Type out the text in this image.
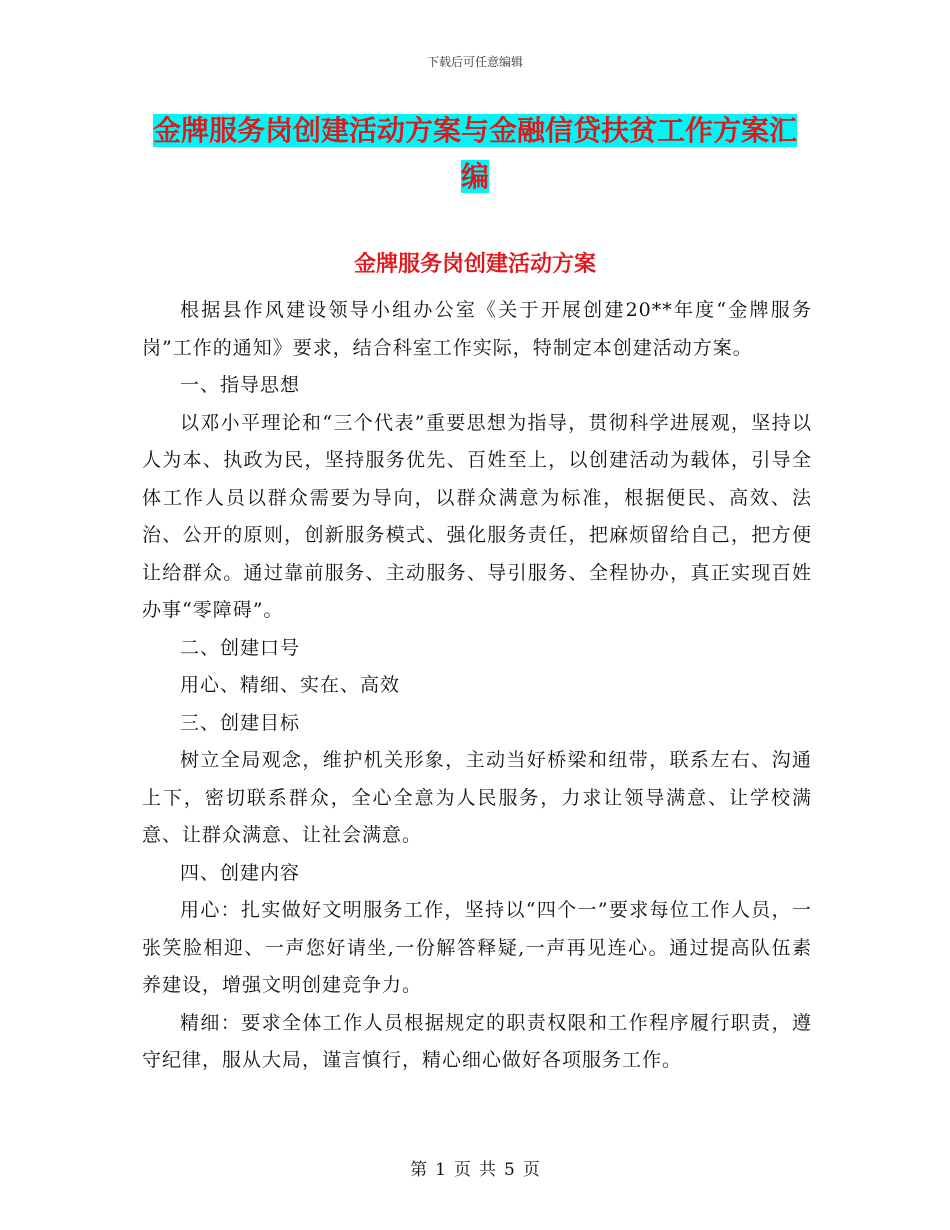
下载后可任意编辑
金牌服务岗创建活动方案与金融信贷扶贫工作方案汇
编
金牌服务岗创建活动方案

根据县作风建设领导小组办公室《关于开展创建20**年度“金牌服务岗”工作的通知》要求，结合科室工作实际，特制定本创建活动方案。

一、指导思想

以邓小平理论和“三个代表”重要思想为指导，贯彻科学进展观，坚持以人为本、执政为民，坚持服务优先、百姓至上，以创建活动为载体，引导全体工作人员以群众需要为导向，以群众满意为标准，根据便民、高效、法治、公开的原则，创新服务模式、强化服务责任，把麻烦留给自己，把方便让给群众。通过靠前服务、主动服务、导引服务、全程协办，真正实现百姓办事“零障碍”。

二、创建口号

用心、精细、实在、高效

三、创建目标

树立全局观念，维护机关形象，主动当好桥梁和纽带，联系左右、沟通上下，密切联系群众，全心全意为人民服务，力求让领导满意、让学校满意、让群众满意、让社会满意。

四、创建内容

用心：扎实做好文明服务工作，坚持以“四个一”要求每位工作人员，一张笑脸相迎、一声您好请坐,一份解答释疑,一声再见连心。通过提高队伍素养建设，增强文明创建竞争力。

精细：要求全体工作人员根据规定的职责权限和工作程序履行职责，遵守纪律，服从大局，谨言慎行，精心细心做好各项服务工作。

第 1 页 共 5 页
